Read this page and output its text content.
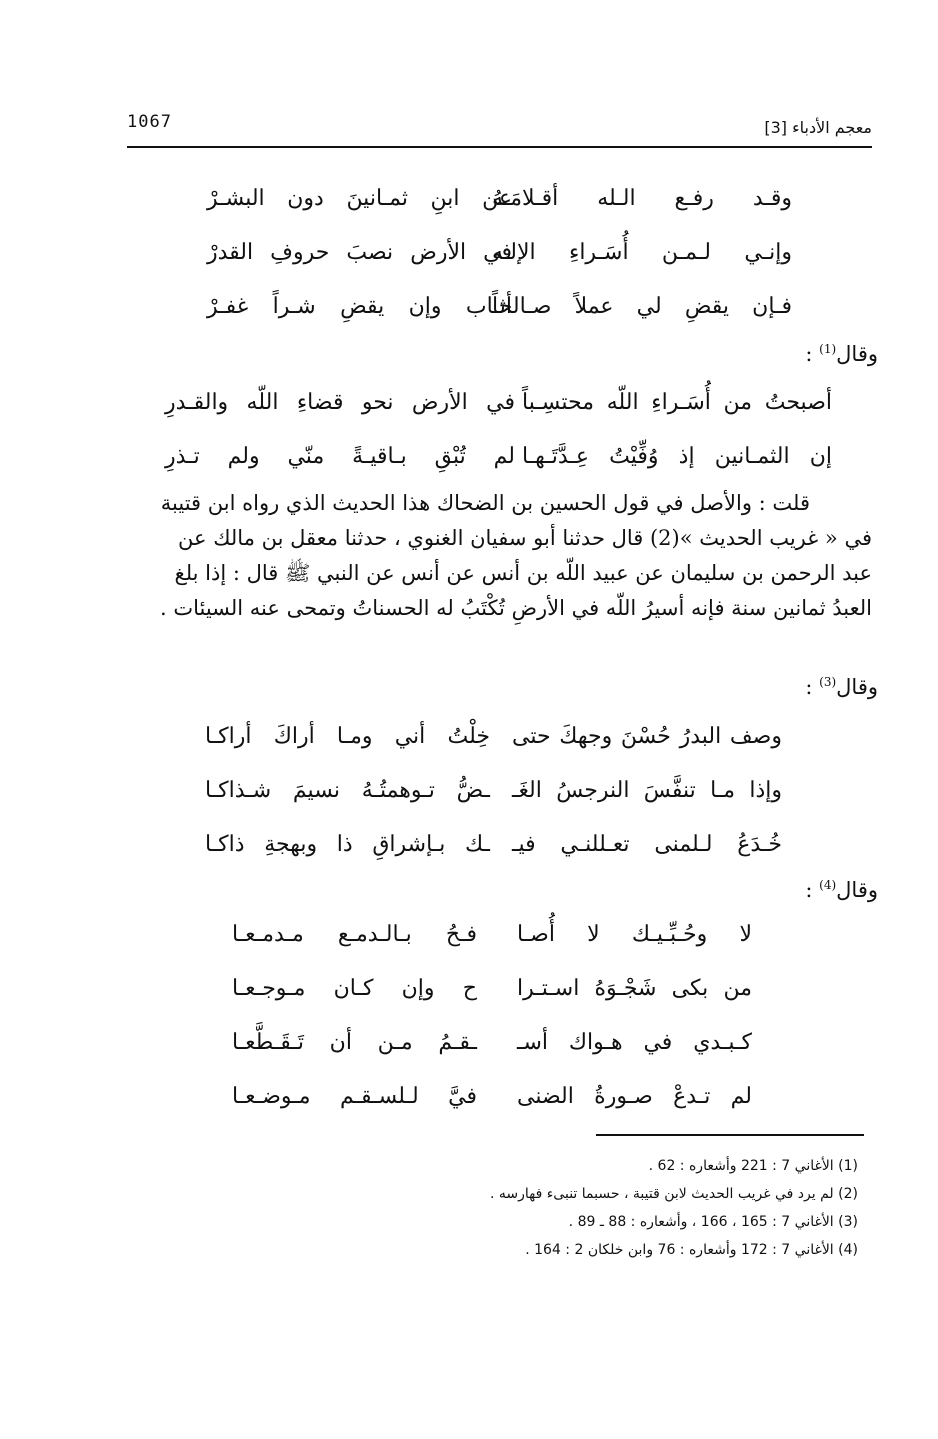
1067	معجم الأدباء [3]
وقـد رفـع الـله أقـلامَـهُ
عن ابنِ ثمـانينَ دون البشـرْ
وإنـي لـمـن أُسَـراءِ الإلـه
في الأرض نصبَ حروفِ القدرْ
فـإن يقضِ لي عملاً صـالحاً
أثـاب وإن يقضِ شـراً غفـرْ
وقال$^{(1)}$ :
أصبحتُ من أُسَـراءِ اللّه محتسِـباً
في الأرض نحو قضاءِ اللّه والقـدرِ
إن الثمـانين إذ وُفِّيْتُ عِـدَّتَـهـا
لم تُبْقِ بـاقيـةً منّي ولم تـذرِ

قلت : والأصل في قول الحسين بن الضحاك هذا الحديث الذي رواه ابن قتيبة

في « غريب الحديث »(2) قال حدثنا أبو سفيان الغنوي ، حدثنا معقل بن مالك عن

عبد الرحمن بن سليمان عن عبيد اللّه بن أنس عن أنس عن النبي ﷺ قال : إذا بلغ

العبدُ ثمانين سنة فإنه أسيرُ اللّه في الأرضِ تُكْتَبُ له الحسناتُ وتمحى عنه السيئات .

وقال$^{(3)}$ :
وصف البدرُ حُسْنَ وجهكَ حتى
خِلْتُ أني ومـا أراكَ أراكـا
وإذا مـا تنفَّسَ النرجسُ الغَـ
ـضُّ تـوهمتُـهُ نسيمَ شـذاكـا
خُـدَعُ لـلمنى تعـللنـي فيـ
ـك بـإشراقِ ذا وبهجةِ ذاكـا
وقال$^{(4)}$ :
لا وحُـبِّـيـك لا أُصـا
فـحُ بـالـدمـع مـدمـعـا
من بكى شَجْـوَهُ اسـتـرا
ح وإن كـان مـوجـعـا
كـبـدي في هـواك أسـ
ـقـمُ مـن أن تَـقَـطَّعـا
لم تـدعْ صـورةُ الضنى
فيَّ لـلسـقـم مـوضـعـا
(1) الأغاني 7 : 221 وأشعاره : 62 .
(2) لم يرد في غريب الحديث لابن قتيبة ، حسبما تنبىء فهارسه .
(3) الأغاني 7 : 165 ، 166 ، وأشعاره : 88 ـ 89 .
(4) الأغاني 7 : 172 وأشعاره : 76 وابن خلكان 2 : 164 .
